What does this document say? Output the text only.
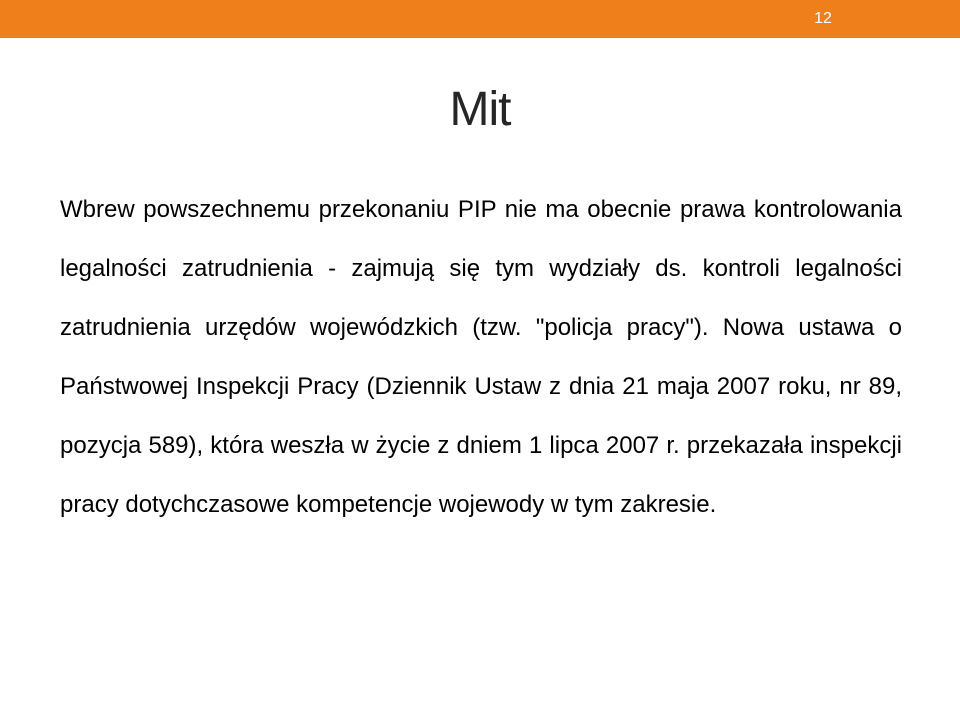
12
Mit

Wbrew powszechnemu przekonaniu PIP nie ma obecnie prawa kontrolowania legalności zatrudnienia - zajmują się tym wydziały ds. kontroli legalności zatrudnienia urzędów wojewódzkich (tzw. "policja pracy"). Nowa ustawa o Państwowej Inspekcji Pracy (Dziennik Ustaw z dnia 21 maja 2007 roku, nr 89, pozycja 589), która weszła w życie z dniem 1 lipca 2007 r. przekazała inspekcji pracy dotychczasowe kompetencje wojewody w tym zakresie.
